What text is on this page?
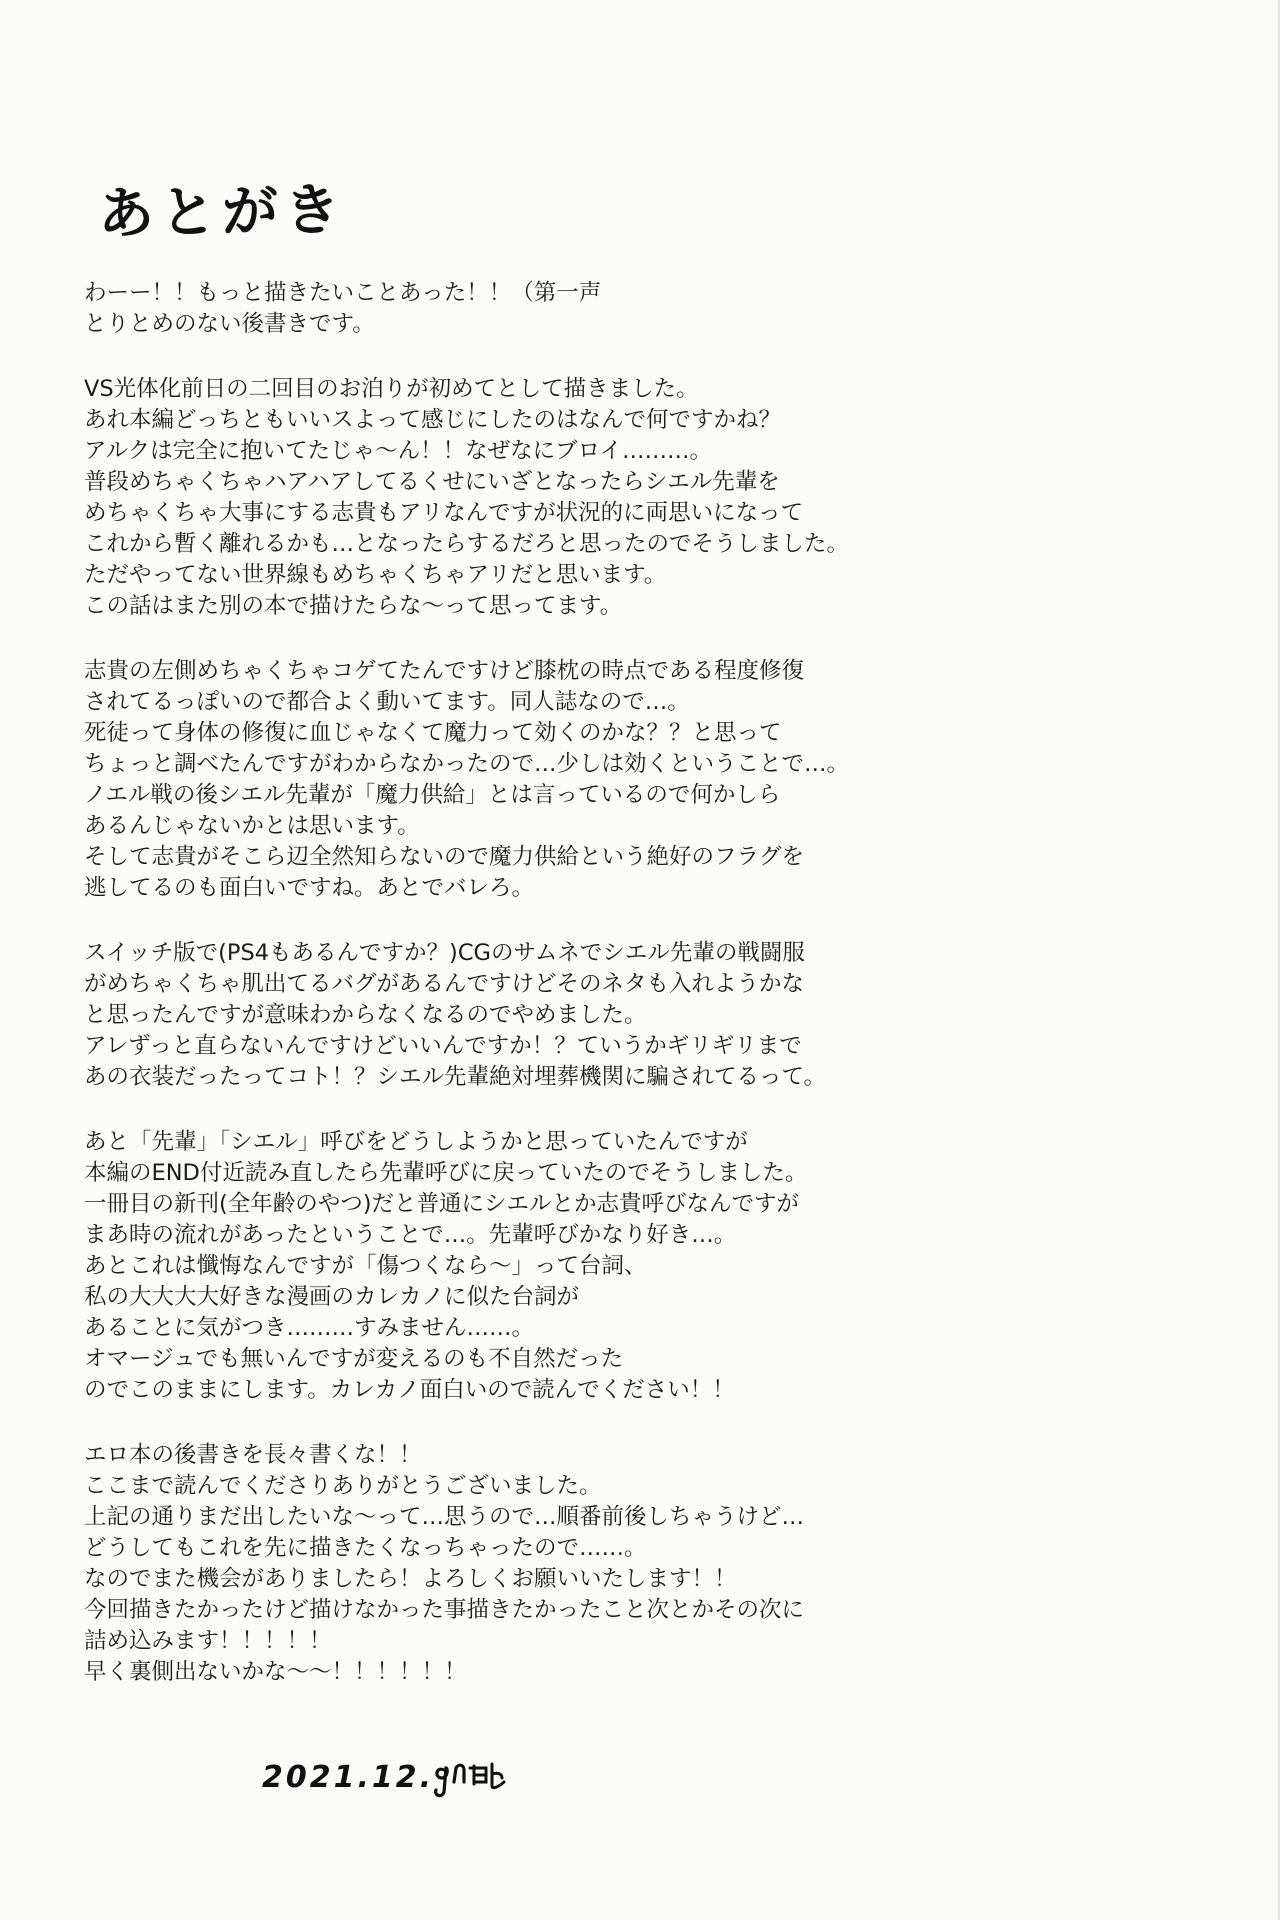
あとがき
わーー！！もっと描きたいことあった！！（第一声
とりとめのない後書きです。
VS光体化前日の二回目のお泊りが初めてとして描きました。
あれ本編どっちともいいスよって感じにしたのはなんで何ですかね？
アルクは完全に抱いてたじゃ〜ん！！なぜなにブロイ………。
普段めちゃくちゃハアハアしてるくせにいざとなったらシエル先輩を
めちゃくちゃ大事にする志貴もアリなんですが状況的に両思いになって
これから暫く離れるかも…となったらするだろと思ったのでそうしました。
ただやってない世界線もめちゃくちゃアリだと思います。
この話はまた別の本で描けたらな〜って思ってます。
志貴の左側めちゃくちゃコゲてたんですけど膝枕の時点である程度修復
されてるっぽいので都合よく動いてます。同人誌なので…。
死徒って身体の修復に血じゃなくて魔力って効くのかな？？と思って
ちょっと調べたんですがわからなかったので…少しは効くということで…。
ノエル戦の後シエル先輩が「魔力供給」とは言っているので何かしら
あるんじゃないかとは思います。
そして志貴がそこら辺全然知らないので魔力供給という絶好のフラグを
逃してるのも面白いですね。あとでバレろ。
スイッチ版で(PS4もあるんですか？)CGのサムネでシエル先輩の戦闘服
がめちゃくちゃ肌出てるバグがあるんですけどそのネタも入れようかな
と思ったんですが意味わからなくなるのでやめました。
アレずっと直らないんですけどいいんですか！？ていうかギリギリまで
あの衣装だったってコト！？シエル先輩絶対埋葬機関に騙されてるって。
あと「先輩」「シエル」呼びをどうしようかと思っていたんですが
本編のEND付近読み直したら先輩呼びに戻っていたのでそうしました。
一冊目の新刊(全年齢のやつ)だと普通にシエルとか志貴呼びなんですが
まあ時の流れがあったということで…。先輩呼びかなり好き…。
あとこれは懺悔なんですが「傷つくなら〜」って台詞、
私の大大大大好きな漫画のカレカノに似た台詞が
あることに気がつき………すみません……。
オマージュでも無いんですが変えるのも不自然だった
のでこのままにします。カレカノ面白いので読んでください！！
エロ本の後書きを長々書くな！！
ここまで読んでくださりありがとうございました。
上記の通りまだ出したいな〜って…思うので…順番前後しちゃうけど…
どうしてもこれを先に描きたくなっちゃったので……。
なのでまた機会がありましたら！よろしくお願いいたします！！
今回描きたかったけど描けなかった事描きたかったこと次とかその次に
詰め込みます！！！！！
早く裏側出ないかな〜〜！！！！！！
2021.12.
